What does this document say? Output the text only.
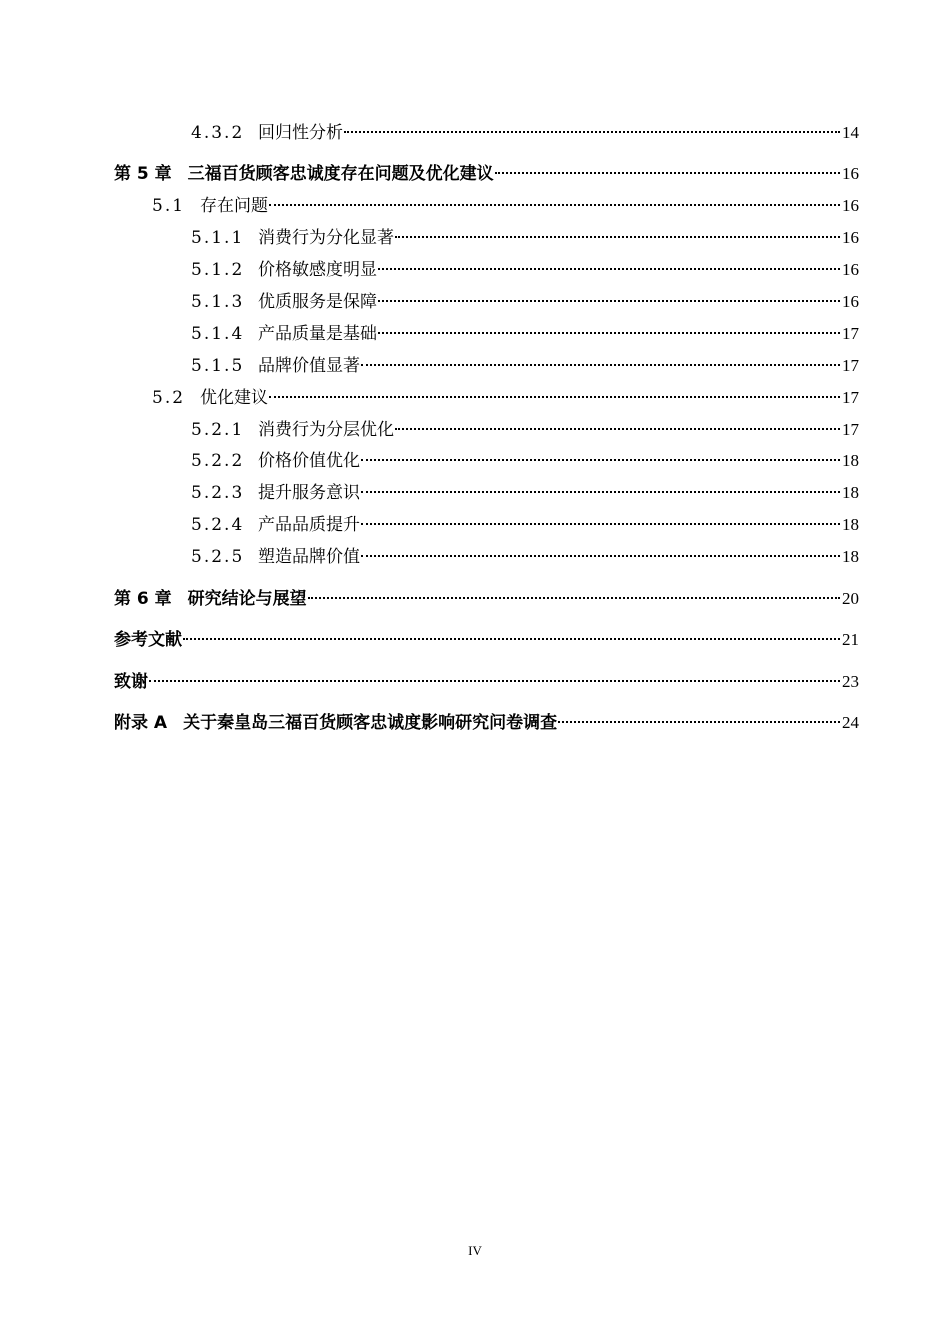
4.3.2 回归性分析	14
第 5 章 三福百货顾客忠诚度存在问题及优化建议	16
5.1 存在问题	16
5.1.1 消费行为分化显著	16
5.1.2 价格敏感度明显	16
5.1.3 优质服务是保障	16
5.1.4 产品质量是基础	17
5.1.5 品牌价值显著	17
5.2 优化建议	17
5.2.1 消费行为分层优化	17
5.2.2 价格价值优化	18
5.2.3 提升服务意识	18
5.2.4 产品品质提升	18
5.2.5 塑造品牌价值	18
第 6 章 研究结论与展望	20
参考文献	21
致谢	23
附录 A 关于秦皇岛三福百货顾客忠诚度影响研究问卷调查	24
IV
